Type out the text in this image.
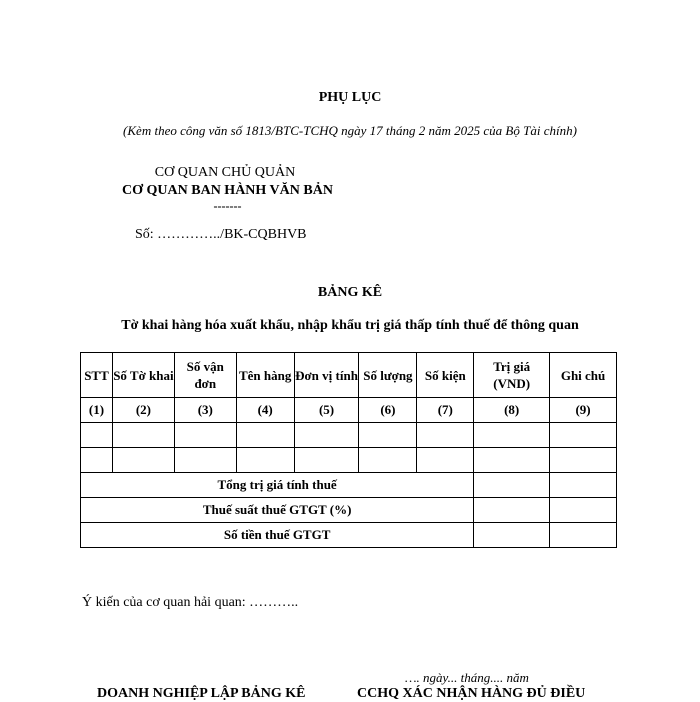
PHỤ LỤC
(Kèm theo công văn số 1813/BTC-TCHQ ngày 17 tháng 2 năm 2025 của Bộ Tài chính)
CƠ QUAN CHỦ QUẢN
CƠ QUAN BAN HÀNH VĂN BẢN
-------
Số: …………../BK-CQBHVB
BẢNG KÊ
Tờ khai hàng hóa xuất khẩu, nhập khẩu trị giá thấp tính thuế để thông quan
STT	Số Tờ khai	Số vận đơn	Tên hàng	Đơn vị tính	Số lượng	Số kiện	Trị giá (VND)	Ghi chú
(1)	(2)	(3)	(4)	(5)	(6)	(7)	(8)	(9)

Tổng trị giá tính thuế								
Thuế suất thuế GTGT (%)								
Số tiền thuế GTGT								
Ý kiến của cơ quan hải quan: ………..
…. ngày... tháng.... năm
DOANH NGHIỆP LẬP BẢNG KÊ	CCHQ XÁC NHẬN HÀNG ĐỦ ĐIỀU
